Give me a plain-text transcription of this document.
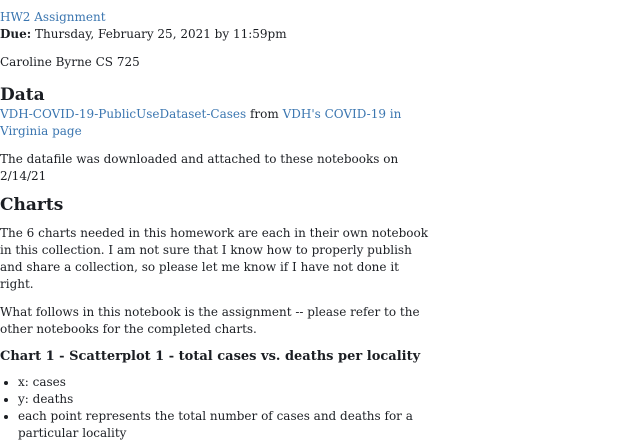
HW2 Assignment

Due: Thursday, February 25, 2021 by 11:59pm

Caroline Byrne CS 725

Data

VDH-COVID-19-PublicUseDataset-Cases from VDH's COVID-19 in Virginia page

The datafile was downloaded and attached to these notebooks on 2/14/21

Charts

The 6 charts needed in this homework are each in their own notebook in this collection. I am not sure that I know how to properly publish and share a collection, so please let me know if I have not done it right.

What follows in this notebook is the assignment -- please refer to the other notebooks for the completed charts.

Chart 1 - Scatterplot 1 - total cases vs. deaths per locality
• x: cases
• y: deaths
• each point represents the total number of cases and deaths for a particular locality
